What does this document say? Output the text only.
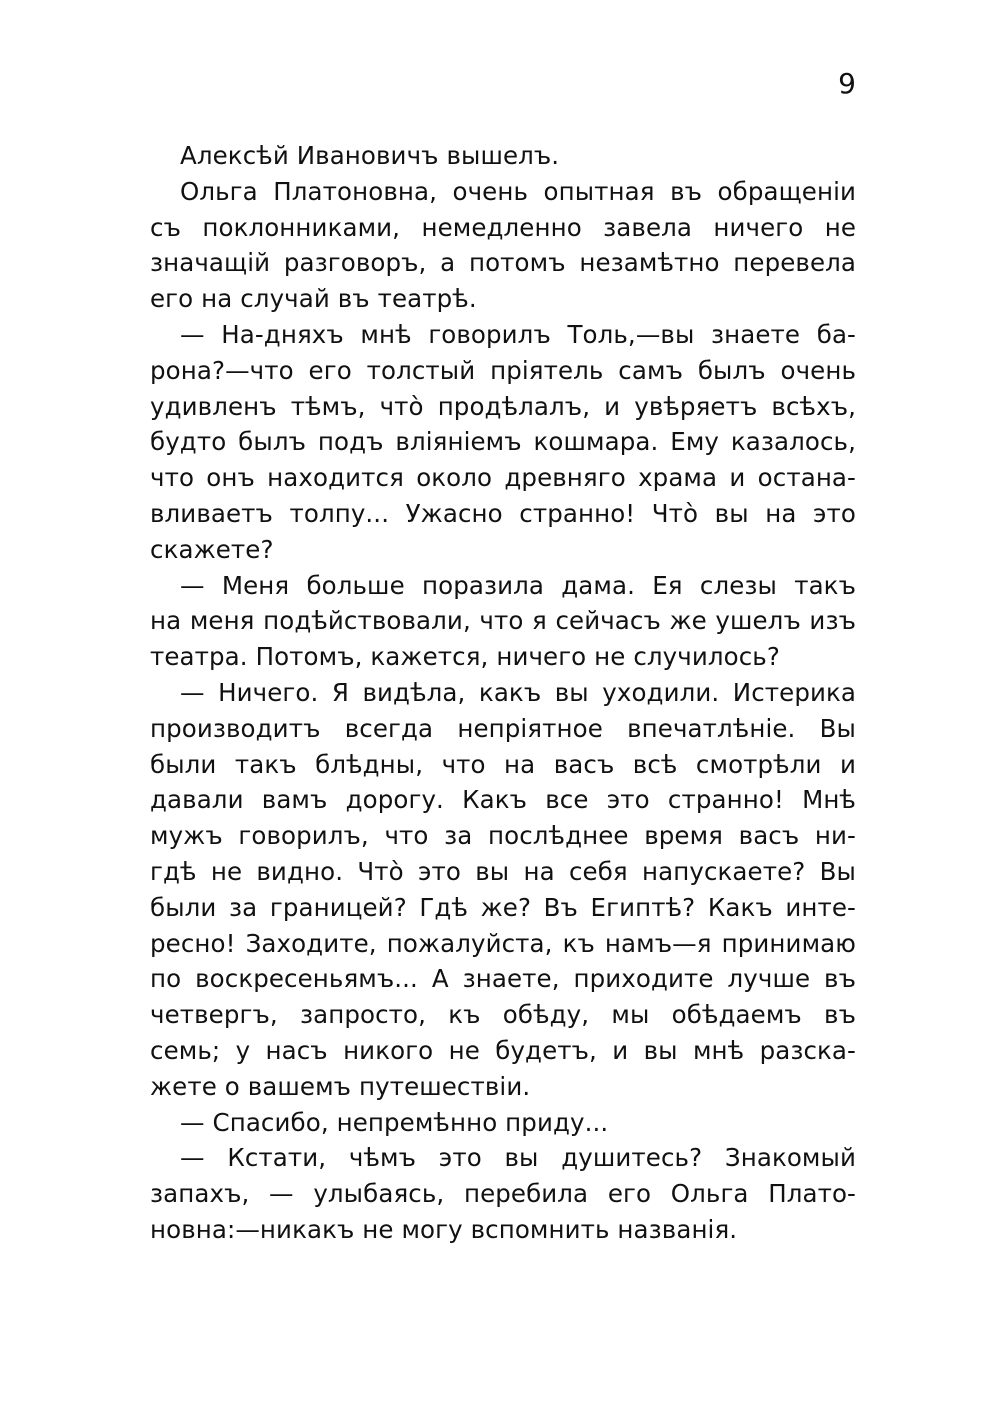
9
Алексѣй Ивановичъ вышелъ.
Ольга Платоновна, очень опытная въ обращеніи
съ поклонниками, немедленно завела ничего не
значащій разговоръ, а потомъ незамѣтно перевела
его на случай въ театрѣ.
— На-дняхъ мнѣ говорилъ Толь,—вы знаете ба-
рона?—что его толстый пріятель самъ былъ очень
удивленъ тѣмъ, что̀ продѣлалъ, и увѣряетъ всѣхъ,
будто былъ подъ вліяніемъ кошмара. Ему казалось,
что онъ находится около древняго храма и остана-
вливаетъ толпу... Ужасно странно! Что̀ вы на это
скажете?
— Меня больше поразила дама. Ея слезы такъ
на меня подѣйствовали, что я сейчасъ же ушелъ изъ
театра. Потомъ, кажется, ничего не случилось?
— Ничего. Я видѣла, какъ вы уходили. Истерика
производитъ всегда непріятное впечатлѣніе. Вы
были такъ блѣдны, что на васъ всѣ смотрѣли и
давали вамъ дорогу. Какъ все это странно! Мнѣ
мужъ говорилъ, что за послѣднее время васъ ни-
гдѣ не видно. Что̀ это вы на себя напускаете? Вы
были за границей? Гдѣ же? Въ Египтѣ? Какъ инте-
ресно! Заходите, пожалуйста, къ намъ—я принимаю
по воскресеньямъ... А знаете, приходите лучше въ
четвергъ, запросто, къ обѣду, мы обѣдаемъ въ
семь; у насъ никого не будетъ, и вы мнѣ разска-
жете о вашемъ путешествіи.
— Спасибо, непремѣнно приду...
— Кстати, чѣмъ это вы душитесь? Знакомый
запахъ, — улыбаясь, перебила его Ольга Плато-
новна:—никакъ не могу вспомнить названія.
